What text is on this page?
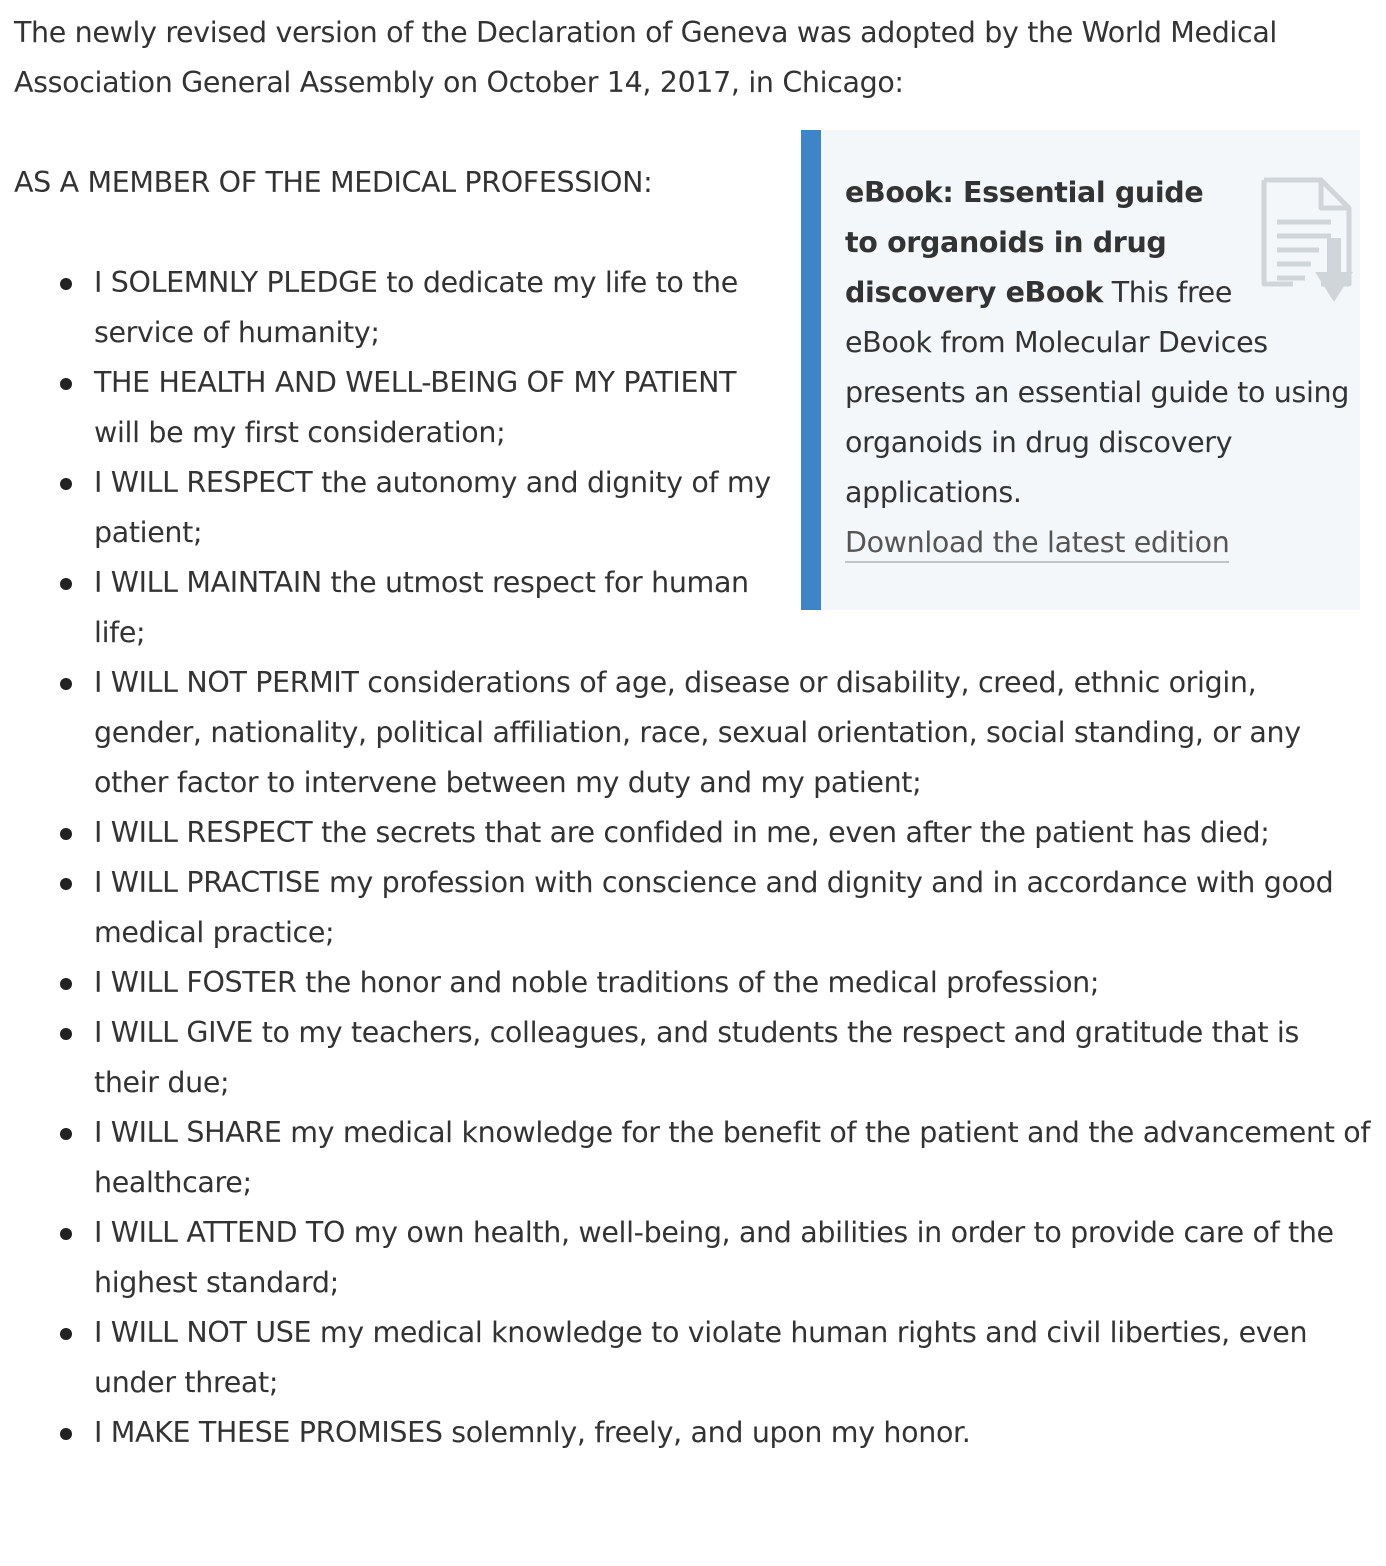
The newly revised version of the Declaration of Geneva was adopted by the World Medical Association General Assembly on October 14, 2017, in Chicago:

eBook: Essential guide to organoids in drug discovery eBook This free eBook from Molecular Devices presents an essential guide to using organoids in drug discovery applications.
Download the latest edition

AS A MEMBER OF THE MEDICAL PROFESSION:

I SOLEMNLY PLEDGE to dedicate my life to the service of humanity;
THE HEALTH AND WELL-BEING OF MY PATIENT will be my first consideration;
I WILL RESPECT the autonomy and dignity of my patient;
I WILL MAINTAIN the utmost respect for human life;
I WILL NOT PERMIT considerations of age, disease or disability, creed, ethnic origin, gender, nationality, political affiliation, race, sexual orientation, social standing, or any other factor to intervene between my duty and my patient;
I WILL RESPECT the secrets that are confided in me, even after the patient has died;
I WILL PRACTISE my profession with conscience and dignity and in accordance with good medical practice;
I WILL FOSTER the honor and noble traditions of the medical profession;
I WILL GIVE to my teachers, colleagues, and students the respect and gratitude that is their due;
I WILL SHARE my medical knowledge for the benefit of the patient and the advancement of healthcare;
I WILL ATTEND TO my own health, well-being, and abilities in order to provide care of the highest standard;
I WILL NOT USE my medical knowledge to violate human rights and civil liberties, even under threat;
I MAKE THESE PROMISES solemnly, freely, and upon my honor.
